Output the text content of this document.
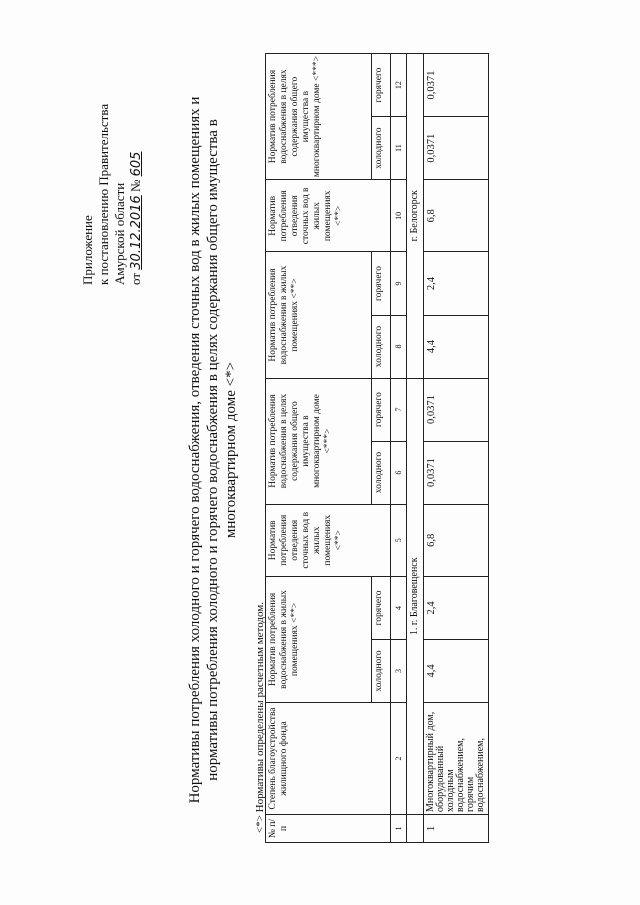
Приложение к постановлению Правительства Амурской области от 30.12.2016 № 605	Нормативы потребления холодного и горячего водоснабжения, отведения сточных вод в жилых помещениях и нормативы потребления холодного и горячего водоснабжения в целях содержания общего имущества в многоквартирном доме <*>
<*> Нормативы определены расчетным методом. № п/п	Степень благоустройства жилищного фонда	Норматив потребления водоснабжения в жилых помещениях <**>		Норматив потребления отведения сточных вод в жилых помещениях <**>	Норматив потребления водоснабжения в целях содержания общего имущества в многоквартирном доме <***>		Норматив потребления водоснабжения в жилых помещениях <**>		Норматив потребления отведения сточных вод в жилых помещениях <**>	Норматив потребления водоснабжения в целях содержания общего имущества в многоквартирном доме <***>	
		холодного	горячего		холодного	горячего	холодного	горячего		холодного	горячего
1	2	3	4	5	6	7	8	9	10	11	12
	1. г. Благовещенск						г. Белогорск				
1	Многоквартирный дом, оборудованный холодным водоснабжением, горячим водоснабжением,	4,4	2,4	6,8	0,0371	0,0371	4,4	2,4	6,8	0,0371	0,0371
